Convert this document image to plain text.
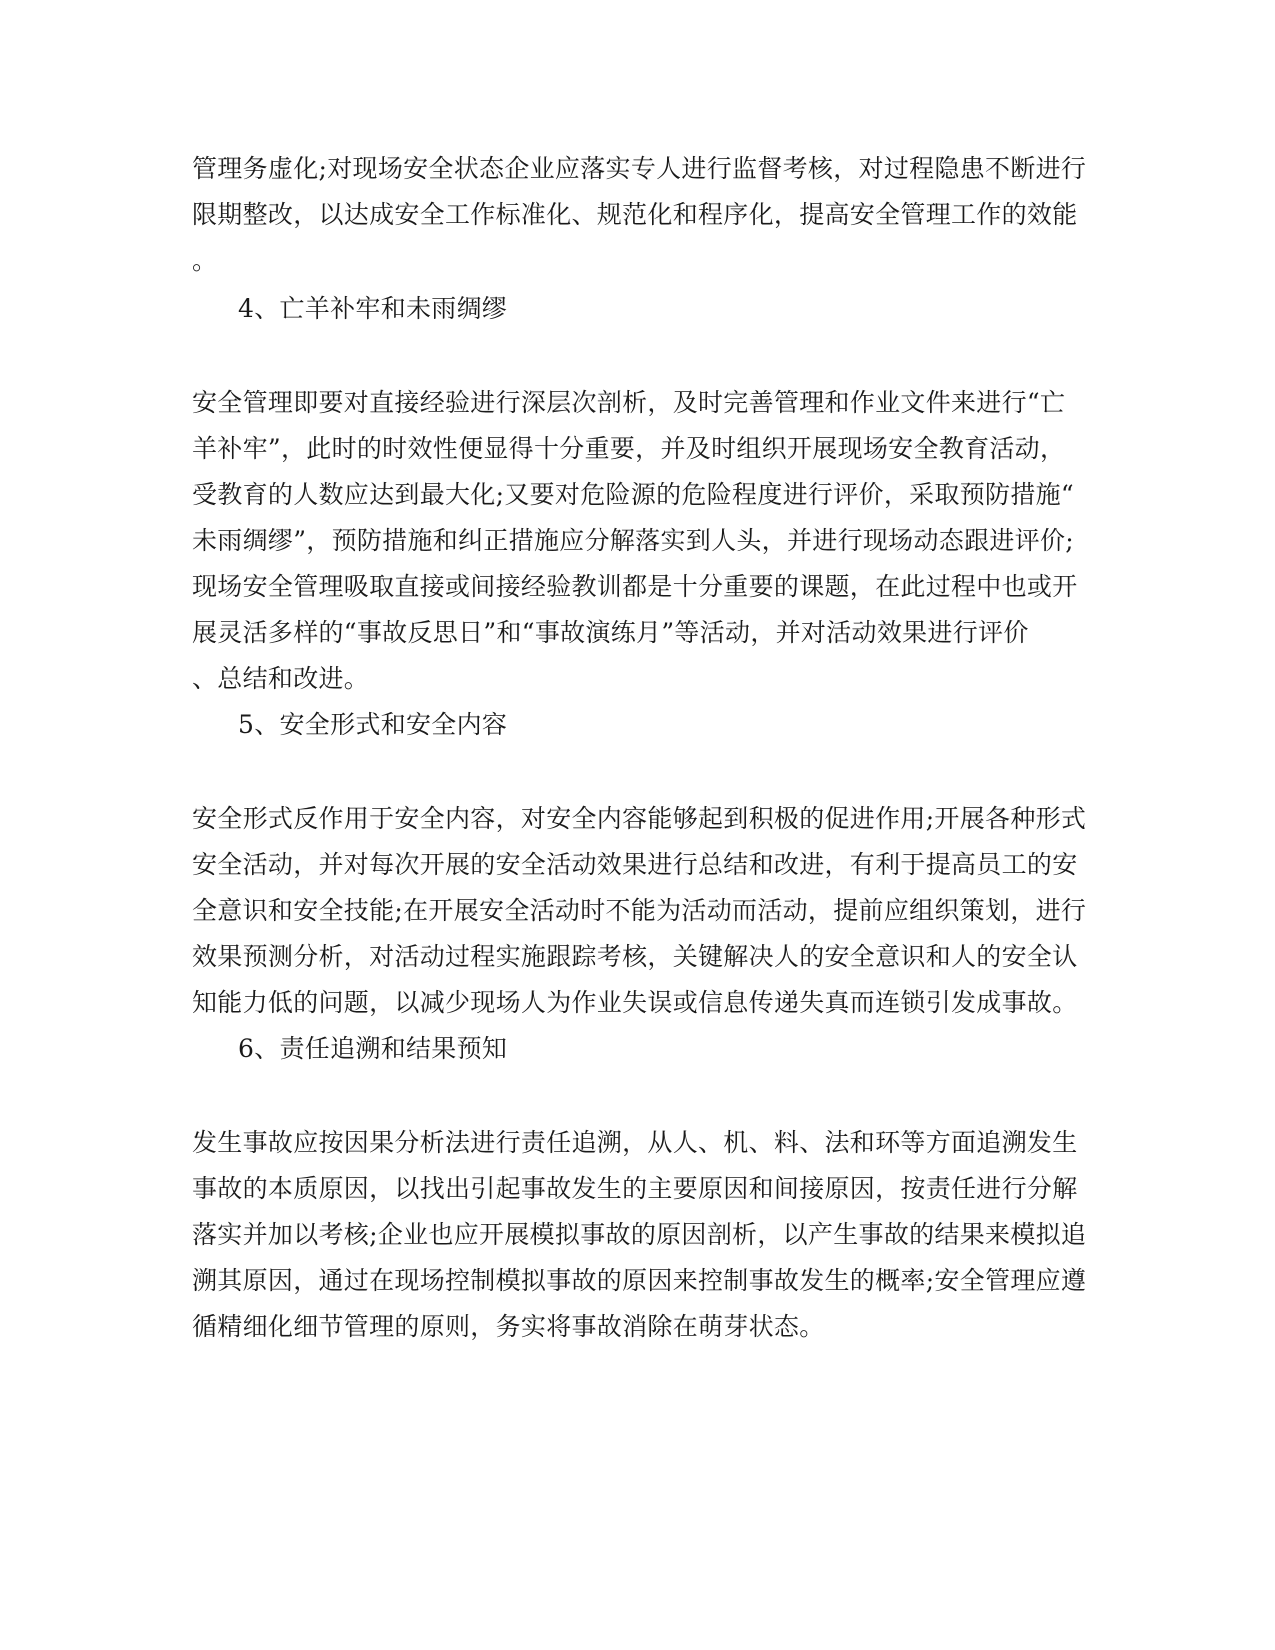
管理务虚化;对现场安全状态企业应落实专人进行监督考核，对过程隐患不断进行
限期整改，以达成安全工作标准化、规范化和程序化，提高安全管理工作的效能
。
4、亡羊补牢和未雨绸缪
安全管理即要对直接经验进行深层次剖析，及时完善管理和作业文件来进行“亡
羊补牢”，此时的时效性便显得十分重要，并及时组织开展现场安全教育活动，
受教育的人数应达到最大化;又要对危险源的危险程度进行评价，采取预防措施“
未雨绸缪”，预防措施和纠正措施应分解落实到人头，并进行现场动态跟进评价;
现场安全管理吸取直接或间接经验教训都是十分重要的课题，在此过程中也或开
展灵活多样的“事故反思日”和“事故演练月”等活动，并对活动效果进行评价
、总结和改进。
5、安全形式和安全内容
安全形式反作用于安全内容，对安全内容能够起到积极的促进作用;开展各种形式
安全活动，并对每次开展的安全活动效果进行总结和改进，有利于提高员工的安
全意识和安全技能;在开展安全活动时不能为活动而活动，提前应组织策划，进行
效果预测分析，对活动过程实施跟踪考核，关键解决人的安全意识和人的安全认
知能力低的问题，以减少现场人为作业失误或信息传递失真而连锁引发成事故。
6、责任追溯和结果预知
发生事故应按因果分析法进行责任追溯，从人、机、料、法和环等方面追溯发生
事故的本质原因，以找出引起事故发生的主要原因和间接原因，按责任进行分解
落实并加以考核;企业也应开展模拟事故的原因剖析，以产生事故的结果来模拟追
溯其原因，通过在现场控制模拟事故的原因来控制事故发生的概率;安全管理应遵
循精细化细节管理的原则，务实将事故消除在萌芽状态。
